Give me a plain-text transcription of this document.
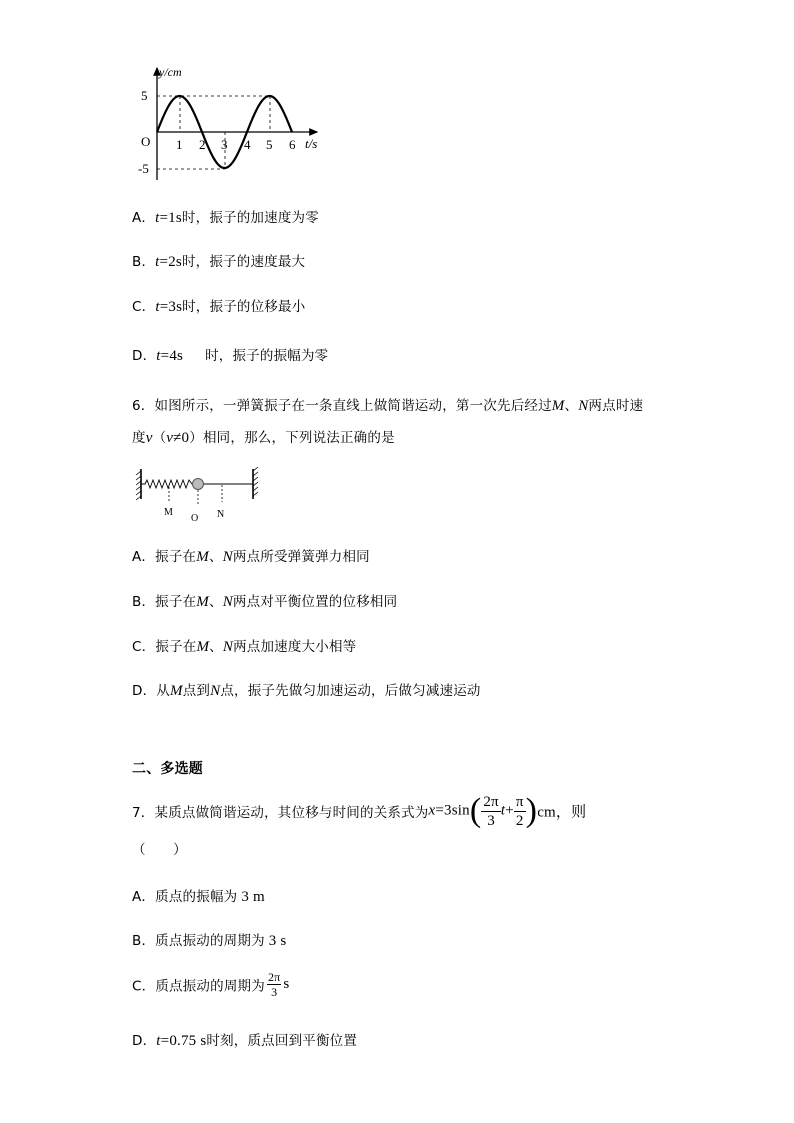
y/cm
O
5
-5
1 2 3 4 5 6 t/s
A．t=1s时，振子的加速度为零
B．t=2s时，振子的速度最大
C．t=3s时，振子的位移最小
D．t=4s 时，振子的振幅为零
6．如图所示，一弹簧振子在一条直线上做简谐运动，第一次先后经过M、N两点时速
度v（v≠0）相同，那么，下列说法正确的是
M
O N
A．振子在M、N两点所受弹簧弹力相同
B．振子在M、N两点对平衡位置的位移相同
C．振子在M、N两点加速度大小相等
D．从M点到N点，振子先做匀加速运动，后做匀减速运动
二、多选题
7．某质点做简谐运动，其位移与时间的关系式为$x=3\sin( \frac{2\pi}{3} t+ \frac{\pi}{2} )cm$，则
（　　）
A．质点的振幅为 3 m
B．质点振动的周期为 3 s
C．质点振动的周期为 $\frac{2\pi}{3}$ s
D．t=0.75 s时刻，质点回到平衡位置
